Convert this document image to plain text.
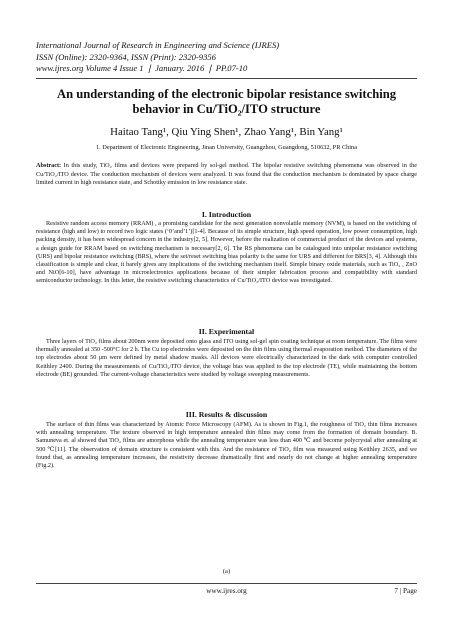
International Journal of Research in Engineering and Science (IJRES)
ISSN (Online): 2320-9364, ISSN (Print): 2320-9356
www.ijres.org Volume 4 Issue 1 ❘ January. 2016 ❘ PP.07-10
An understanding of the electronic bipolar resistance switching
behavior in Cu/TiO₂/ITO structure
Haitao Tang¹, Qiu Ying Shen¹, Zhao Yang¹, Bin Yang¹
1. Department of Electronic Engineering, Jinan University, Guangzhou, Guangdong, 510632, PR China
Abstract: In this study, TiO₂ films and devices were prepared by sol-gel method. The bipolar resistive switching phenomena was observed in the Cu/TiO₂/ITO device. The conduction mechanism of devices were analyzed. It was found that the conduction mechanism is dominated by space charge limited current in high resistance state, and Schottky emission in low resistance state.
I. Introduction
Resistive random access memory (RRAM) , a promising candidate for the next generation nonvolatile memory (NVM), is based on the switching of resistance (high and low) to record two logic states (‘0’and’1’)[1-4]. Because of its simple structure, high speed operation, low power consumption, high packing density, it has been widespread concern in the industry[2, 5]. However, before the realization of commercial product of the devices and systems, a design guide for RRAM based on switching mechanism is necessary[2, 6]. The RS phenomena can be catalogued into unipolar resistance switching (URS) and bipolar resistance switching (BRS), where the set/reset switching bias polarity is the same for URS and different for BRS[3, 4]. Although this classification is simple and clear, it barely gives any implications of the switching mechanism itself. Simple binary oxide materials, such as TiO₂ , ZnO and NiO[6-10], have advantage in microelectronics applications because of their simpler fabrication process and compatibility with standard semiconductor technology. In this letter, the resistive switching characteristics of Cu/TiO₂/ITO device was investigated.
II. Experimental
Three layers of TiO₂ films about 200nm were deposited onto glass and ITO using sol-gel spin coating technique at room temperature. The films were thermally annealed at 350 -500°C for 2 h. The Cu top electrodes were deposited on the thin films using thermal evaporation method. The diameters of the top electrodes about 50 μm were defined by metal shadow masks. All devices were electrically characterized in the dark with computer controlled Keithley 2400. During the measurements of Cu/TiO₂/ITO device, the voltage bias was applied to the top electrode (TE), while maintaining the bottom electrode (BE) grounded. The current-voltage characteristics were studied by voltage sweeping measurements.
III. Results & discussion
The surface of thin films was characterized by Atomic Force Microscopy (AFM). As is shown in Fig.1, the roughness of TiO₂ thin films increases with annealing temperature. The texture observed in high temperature annealed thin films may come from the formation of domain boundary. B. Samuneva et. al showed that TiO₂ films are amorphous while the annealing temperature was less than 400 ℃ and become polycrystal after annealing at 500 ℃[11]. The observation of domain structure is consistent with this. And the resistance of TiO₂ film was measured using Keithley 2635, and we found that, as annealing temperature increases, the resistivity decrease dramatically first and nearly do not change at higher annealing temperature (Fig.2).
(a)
www.ijres.org	7 | Page
